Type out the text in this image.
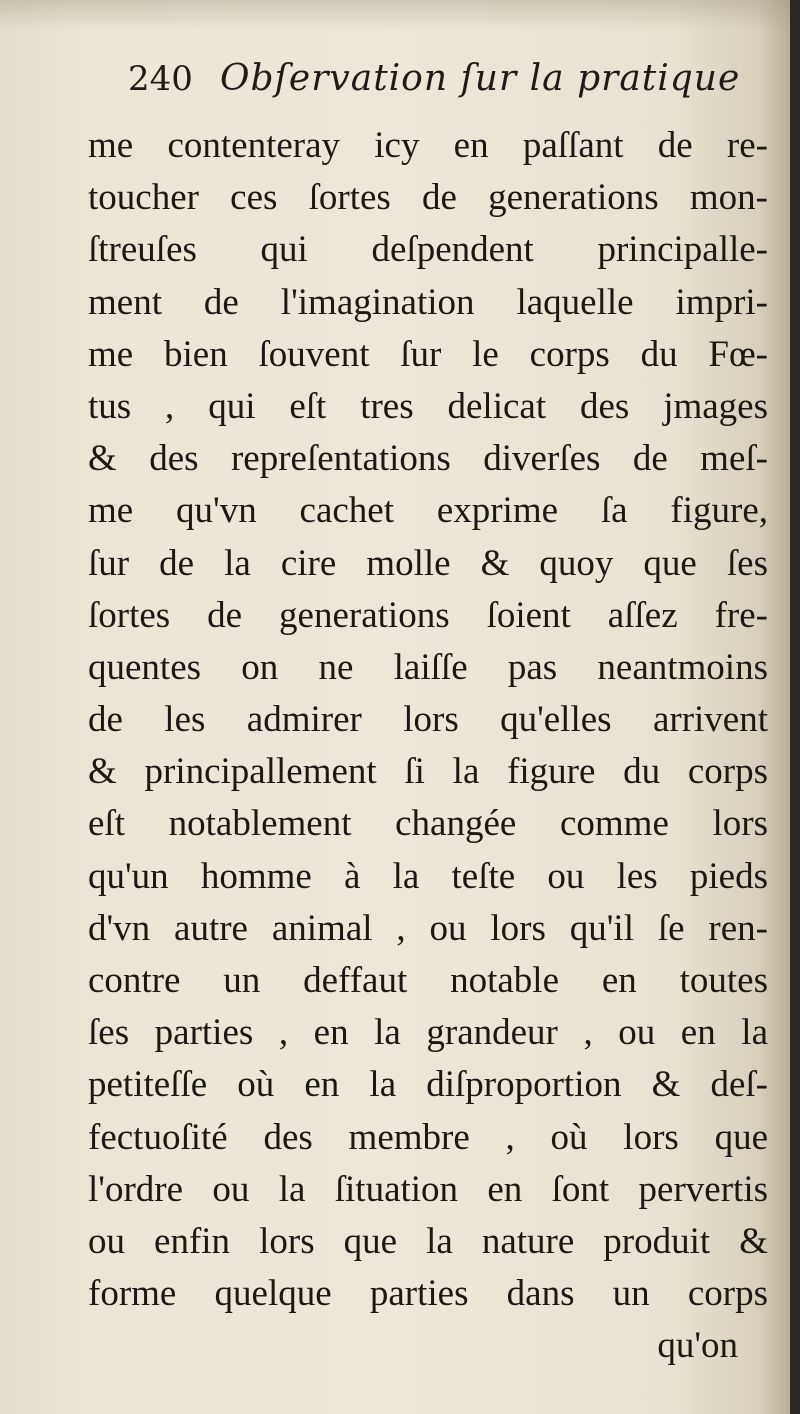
240 Obſervation ſur la pratique
me contenteray icy en paſſant de re-
toucher ces ſortes de generations mon-
ſtreuſes qui deſpendent principalle-
ment de l'imagination laquelle impri-
me bien ſouvent ſur le corps du Fœ-
tus , qui eſt tres delicat des jmages
& des repreſentations diverſes de meſ-
me qu'vn cachet exprime ſa figure,
ſur de la cire molle & quoy que ſes
ſortes de generations ſoient aſſez fre-
quentes on ne laiſſe pas neantmoins
de les admirer lors qu'elles arrivent
& principallement ſi la figure du corps
eſt notablement changée comme lors
qu'un homme à la teſte ou les pieds
d'vn autre animal , ou lors qu'il ſe ren-
contre un deffaut notable en toutes
ſes parties , en la grandeur , ou en la
petiteſſe où en la diſproportion & deſ-
fectuoſité des membre , où lors que
l'ordre ou la ſituation en ſont pervertis
ou enfin lors que la nature produit &
forme quelque parties dans un corps
qu'on
